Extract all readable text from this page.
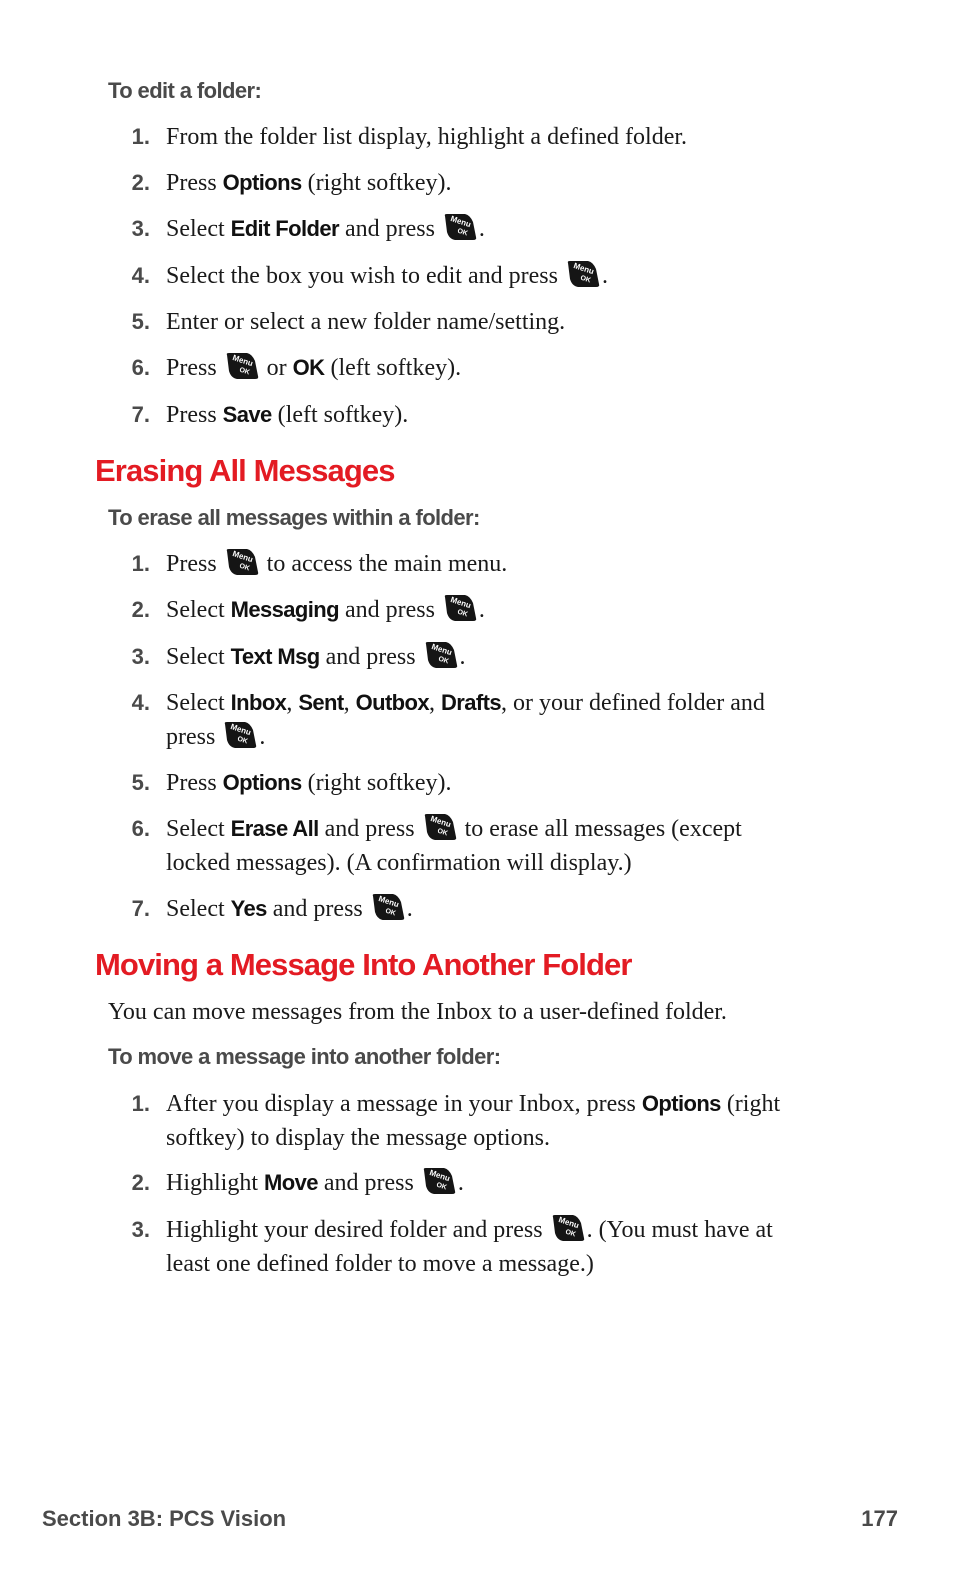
To edit a folder:
1. From the folder list display, highlight a defined folder.
2. Press Options (right softkey).
3. Select Edit Folder and press Menu
OK .
4. Select the box you wish to edit and press Menu
OK .
5. Enter or select a new folder name/setting.
6. Press Menu
OK or OK (left softkey).
7. Press Save (left softkey).
Erasing All Messages
To erase all messages within a folder:
1. Press Menu
OK to access the main menu.
2. Select Messaging and press Menu
OK .
3. Select Text Msg and press Menu
OK .
4. Select Inbox, Sent, Outbox, Drafts, or your defined folder and
press Menu
OK .
5. Press Options (right softkey).
6. Select Erase All and press Menu
OK to erase all messages (except
locked messages). (A confirmation will display.)
7. Select Yes and press Menu
OK .
Moving a Message Into Another Folder
You can move messages from the Inbox to a user-defined folder.
To move a message into another folder:
1. After you display a message in your Inbox, press Options (right
softkey) to display the message options.
2. Highlight Move and press Menu
OK .
3. Highlight your desired folder and press Menu
OK . (You must have at
least one defined folder to move a message.)
Section 3B: PCS Vision	177
